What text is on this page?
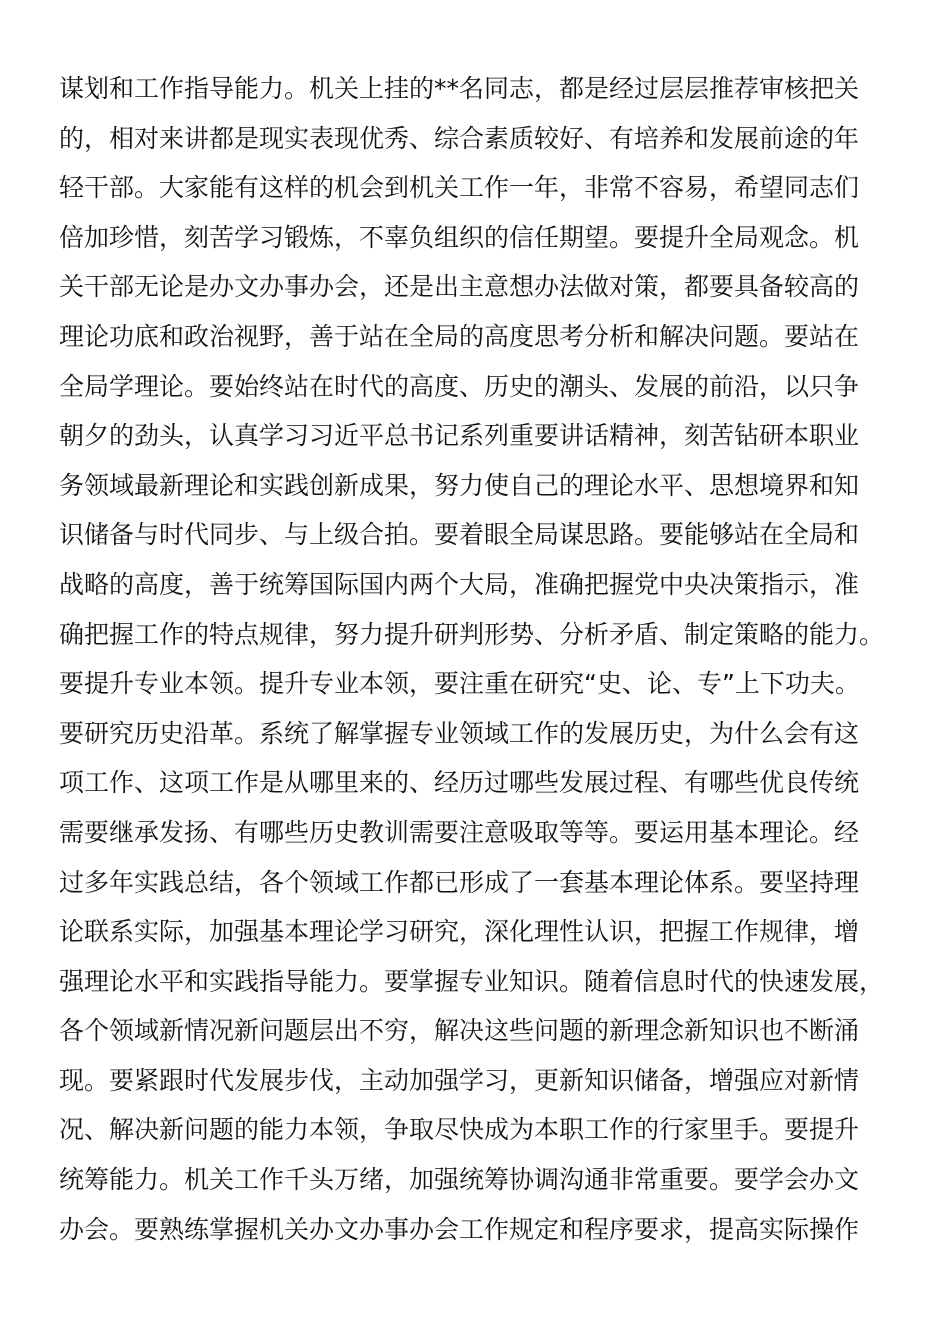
谋划和工作指导能力。机关上挂的**名同志，都是经过层层推荐审核把关
的，相对来讲都是现实表现优秀、综合素质较好、有培养和发展前途的年
轻干部。大家能有这样的机会到机关工作一年，非常不容易，希望同志们
倍加珍惜，刻苦学习锻炼，不辜负组织的信任期望。要提升全局观念。机
关干部无论是办文办事办会，还是出主意想办法做对策，都要具备较高的
理论功底和政治视野，善于站在全局的高度思考分析和解决问题。要站在
全局学理论。要始终站在时代的高度、历史的潮头、发展的前沿，以只争
朝夕的劲头，认真学习习近平总书记系列重要讲话精神，刻苦钻研本职业
务领域最新理论和实践创新成果，努力使自己的理论水平、思想境界和知
识储备与时代同步、与上级合拍。要着眼全局谋思路。要能够站在全局和
战略的高度，善于统筹国际国内两个大局，准确把握党中央决策指示，准
确把握工作的特点规律，努力提升研判形势、分析矛盾、制定策略的能力。
要提升专业本领。提升专业本领，要注重在研究“史、论、专”上下功夫。
要研究历史沿革。系统了解掌握专业领域工作的发展历史，为什么会有这
项工作、这项工作是从哪里来的、经历过哪些发展过程、有哪些优良传统
需要继承发扬、有哪些历史教训需要注意吸取等等。要运用基本理论。经
过多年实践总结，各个领域工作都已形成了一套基本理论体系。要坚持理
论联系实际，加强基本理论学习研究，深化理性认识，把握工作规律，增
强理论水平和实践指导能力。要掌握专业知识。随着信息时代的快速发展，
各个领域新情况新问题层出不穷，解决这些问题的新理念新知识也不断涌
现。要紧跟时代发展步伐，主动加强学习，更新知识储备，增强应对新情
况、解决新问题的能力本领，争取尽快成为本职工作的行家里手。要提升
统筹能力。机关工作千头万绪，加强统筹协调沟通非常重要。要学会办文
办会。要熟练掌握机关办文办事办会工作规定和程序要求，提高实际操作
